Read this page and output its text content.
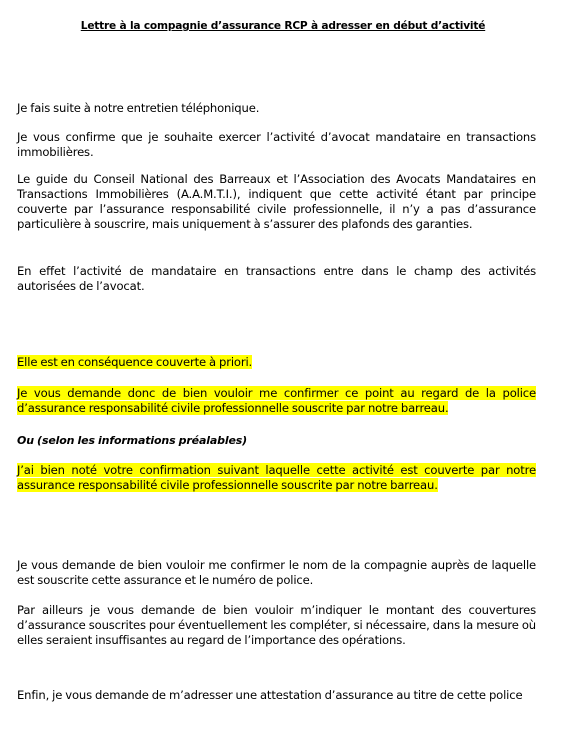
Lettre à la compagnie d’assurance RCP à adresser en début d’activité

Je fais suite à notre entretien téléphonique.

Je vous confirme que je souhaite exercer l’activité d’avocat mandataire en transactions immobilières.

Le guide du Conseil National des Barreaux et l’Association des Avocats Mandataires en Transactions Immobilières (A.A.M.T.I.), indiquent que cette activité étant par principe couverte par l’assurance responsabilité civile professionnelle, il n’y a pas d’assurance particulière à souscrire, mais uniquement à s’assurer des plafonds des garanties.

En effet l’activité de mandataire en transactions entre dans le champ des activités autorisées de l’avocat.

Elle est en conséquence couverte à priori.

Je vous demande donc de bien vouloir me confirmer ce point au regard de la police d’assurance responsabilité civile professionnelle souscrite par notre barreau.

Ou (selon les informations préalables)

J’ai bien noté votre confirmation suivant laquelle cette activité est couverte par notre assurance responsabilité civile professionnelle souscrite par notre barreau.

Je vous demande de bien vouloir me confirmer le nom de la compagnie auprès de laquelle est souscrite cette assurance et le numéro de police.

Par ailleurs je vous demande de bien vouloir m’indiquer le montant des couvertures d’assurance souscrites pour éventuellement les compléter, si nécessaire, dans la mesure où elles seraient insuffisantes au regard de l’importance des opérations.

Enfin, je vous demande de m’adresser une attestation d’assurance au titre de cette police
